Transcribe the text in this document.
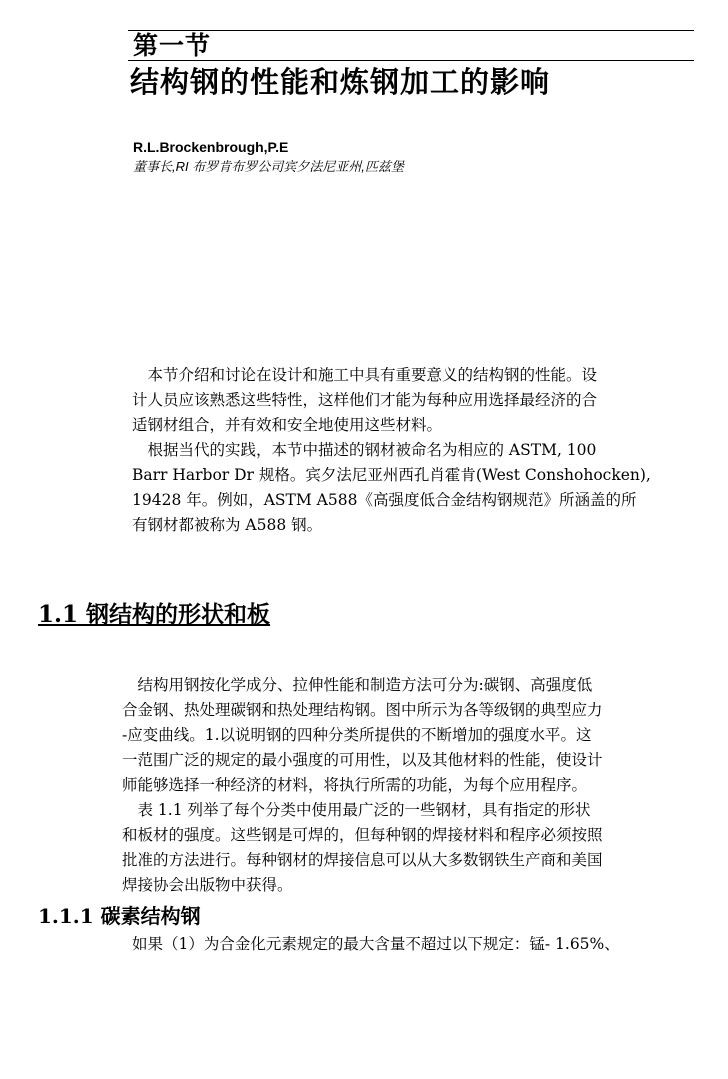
第一节
结构钢的性能和炼钢加工的影响
R.L.Brockenbrough,P.E
董事长,RI 布罗肯布罗公司宾夕法尼亚州,匹兹堡
　本节介绍和讨论在设计和施工中具有重要意义的结构钢的性能。设
计人员应该熟悉这些特性，这样他们才能为每种应用选择最经济的合
适钢材组合，并有效和安全地使用这些材料。
　根据当代的实践，本节中描述的钢材被命名为相应的 ASTM, 100
Barr Harbor Dr 规格。宾夕法尼亚州西孔肖霍肯(West Conshohocken),
19428 年。例如，ASTM A588《高强度低合金结构钢规范》所涵盖的所
有钢材都被称为 A588 钢。
1.1 钢结构的形状和板
　结构用钢按化学成分、拉伸性能和制造方法可分为:碳钢、高强度低
合金钢、热处理碳钢和热处理结构钢。图中所示为各等级钢的典型应力
-应变曲线。1.以说明钢的四种分类所提供的不断增加的强度水平。这
一范围广泛的规定的最小强度的可用性，以及其他材料的性能，使设计
师能够选择一种经济的材料，将执行所需的功能，为每个应用程序。
　表 1.1 列举了每个分类中使用最广泛的一些钢材，具有指定的形状
和板材的强度。这些钢是可焊的，但每种钢的焊接材料和程序必须按照
批准的方法进行。每种钢材的焊接信息可以从大多数钢铁生产商和美国
焊接协会出版物中获得。
1.1.1 碳素结构钢
如果（1）为合金化元素规定的最大含量不超过以下规定：锰- 1.65%、
